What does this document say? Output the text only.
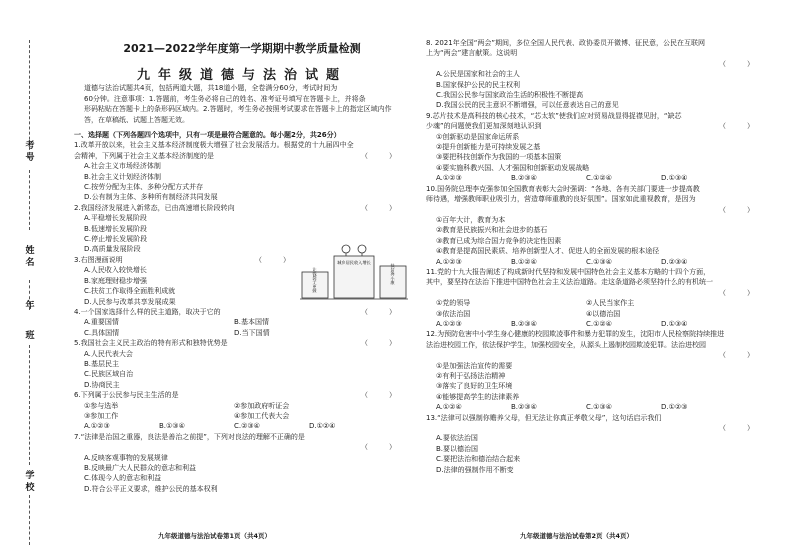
考号
姓名
年
班
学校
2021—2022学年度第一学期期中教学质量检测
九年级道德与法治试题
道德与法治试题共4页，包括两道大题，共18道小题，全卷满分60分，考试时间为
60分钟。注意事项：1.答题前，考生务必将自己的姓名、准考证号填写在答题卡上，并将条
形码粘贴在答题卡上的条形码区域内。2.答题时，考生务必按照考试要求在答题卡上的指定区域内作
答，在草稿纸、试题上答题无效。
一、选择题（下列各题四个选项中，只有一项是最符合题意的。每小题2分，共26分）
1.改革开放以来，社会主义基本经济制度极大增强了社会发展活力。根据党的十九届四中全
会精神，下列属于社会主义基本经济制度的是	（　　　）
A.社会主义市场经济体制
B.社会主义计划经济体制
C.按劳分配为主体、多种分配方式并存
D.公有制为主体、多种所有制经济共同发展
2.我国经济发展进入新常态，已由高速增长阶段转向	（　　　）
A.平稳增长发展阶段
B.低速增长发展阶段
C.停止增长发展阶段
D.高质量发展阶段
3.右图漫画说明	（　　　）
A.人民收入较快增长
B.家庭理财稳步增强
C.扶贫工作取得全面胜利成就
D.人民参与改革共享发展成果
4.一个国家选择什么样的民主道路，取决于它的	（　　　）
A.重要国情	B.基本国情
C.具体国情	D.当下国情
5.我国社会主义民主政治的特有形式和独特优势是	（　　　）
A.人民代表大会
B.基层民主
C.民族区域自治
D.协商民主
6.下列属于公民参与民主生活的是	（　　　）
①参与选举	②参加政府听证会
③参加工作	④参加工代表大会
A.①②③	B.①③④	C.②③④	D.①②④
7.“法律是治国之重器，良法是善治之前提”，下列对良法的理解不正确的是
（　　　）

A.反映客观事物的发展规律
B.反映最广大人民群众的意志和利益
C.体现今人的意志和利益
D.符合公平正义要求，维护公民的基本权利
让钱袋子更鼓
城乡居民收入增长
扶贫奔小康
九年级道德与法治试卷第1页（共4页）
8. 2021年全国“两会”期间，多位全国人民代表、政协委员开微博、征民意，公民在互联网
上为“两会”建言献策。这说明
（　　　）

A.公民是国家和社会的主人
B.国家保护公民的民主权利
C.我国公民参与国家政治生活的积极性不断提高
D.我国公民的民主意识不断增强，可以任意表达自己的意见
9.芯片技术是高科技的核心技术，“芯太软”使我们应对贸易战显得捉襟见肘，“缺芯
少魂”的问题使我们更加深刻地认识到	（　　　）
①创新驱动是国家命运所系
②提升创新能力是可持续发展之基
③要把科技创新作为我国的一项基本国策
④要实施科教兴国、人才强国和创新驱动发展战略
A.①②③	B.②③④	C.①②④	D.①③④
10.国务院总理李克强参加全国教育表彰大会时强调：“各地、各有关部门要进一步提高教
师待遇，增强教师职业吸引力，营造尊师重教的良好氛围”。国家如此重视教育，是因为
（　　　）

①百年大计，教育为本
②教育是民族振兴和社会进步的基石
③教育已成为综合国力竞争的决定性因素
④教育是提高国民素质、培养创新型人才、促进人的全面发展的根本途径
A.①②③	B.①②④	C.①③④	D.②③④
11.党的十九大报告阐述了构成新时代坚持和发展中国特色社会主义基本方略的十四个方面，
其中，要坚持在法治下推进中国特色社会主义法治道路。走这条道路必须坚持什么的有机统一
（　　　）

①党的领导	②人民当家作主
③依法治国	④以德治国
A.①②③	B.②③④	C.①②④	D.①③④
12.为预防危害中小学生身心健康的校园欺凌事件和暴力犯罪的发生，沈阳市人民检察院持续推进
法治进校园工作，依法保护学生，加强校园安全，从源头上遏制校园欺凌犯罪。法治进校园
（　　　）

①是加强法治宣传的需要
②有利于弘扬法治精神
③落实了良好的卫生环境
④能够提高学生的法律素养
A.①②④	B.②③④	C.①③④	D.①②③
13.“法律可以强制你赡养父母，但无法让你真正孝敬父母”，这句话启示我们
（　　　）

A.要依法治国
B.要以德治国
C.要把法治和德治结合起来
D.法律的强制作用不断变
九年级道德与法治试卷第2页（共4页）
